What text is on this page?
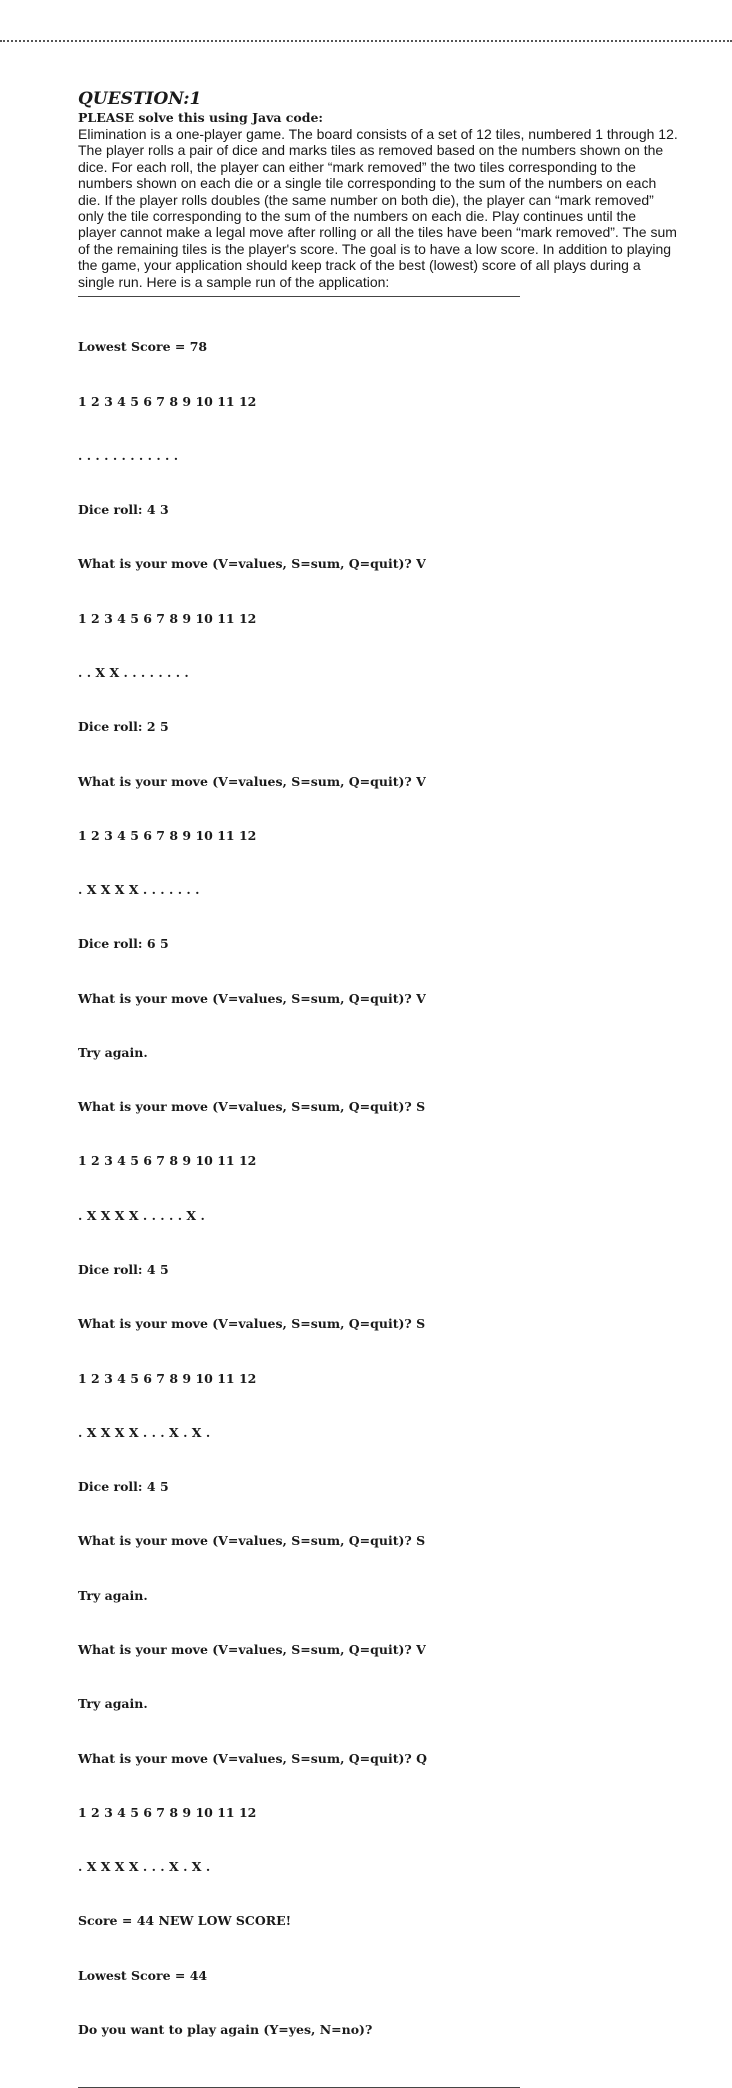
QUESTION:1

PLEASE solve this using Java code:

Elimination is a one-player game. The board consists of a set of 12 tiles, numbered 1 through 12. The player rolls a pair of dice and marks tiles as removed based on the numbers shown on the dice. For each roll, the player can either “mark removed” the two tiles corresponding to the numbers shown on each die or a single tile corresponding to the sum of the numbers on each die. If the player rolls doubles (the same number on both die), the player can “mark removed” only the tile corresponding to the sum of the numbers on each die. Play continues until the player cannot make a legal move after rolling or all the tiles have been “mark removed”. The sum of the remaining tiles is the player's score. The goal is to have a low score. In addition to playing the game, your application should keep track of the best (lowest) score of all plays during a single run. Here is a sample run of the application:

Lowest Score = 78

1 2 3 4 5 6 7 8 9 10 11 12

. . . . . . . . . . . .

Dice roll: 4 3

What is your move (V=values, S=sum, Q=quit)? V

1 2 3 4 5 6 7 8 9 10 11 12

. . X X . . . . . . . .

Dice roll: 2 5

What is your move (V=values, S=sum, Q=quit)? V

1 2 3 4 5 6 7 8 9 10 11 12

. X X X X . . . . . . .

Dice roll: 6 5

What is your move (V=values, S=sum, Q=quit)? V

Try again.

What is your move (V=values, S=sum, Q=quit)? S

1 2 3 4 5 6 7 8 9 10 11 12

. X X X X . . . . . X .

Dice roll: 4 5

What is your move (V=values, S=sum, Q=quit)? S

1 2 3 4 5 6 7 8 9 10 11 12

. X X X X . . . X . X .

Dice roll: 4 5

What is your move (V=values, S=sum, Q=quit)? S

Try again.

What is your move (V=values, S=sum, Q=quit)? V

Try again.

What is your move (V=values, S=sum, Q=quit)? Q

1 2 3 4 5 6 7 8 9 10 11 12

. X X X X . . . X . X .

Score = 44 NEW LOW SCORE!

Lowest Score = 44

Do you want to play again (Y=yes, N=no)?
